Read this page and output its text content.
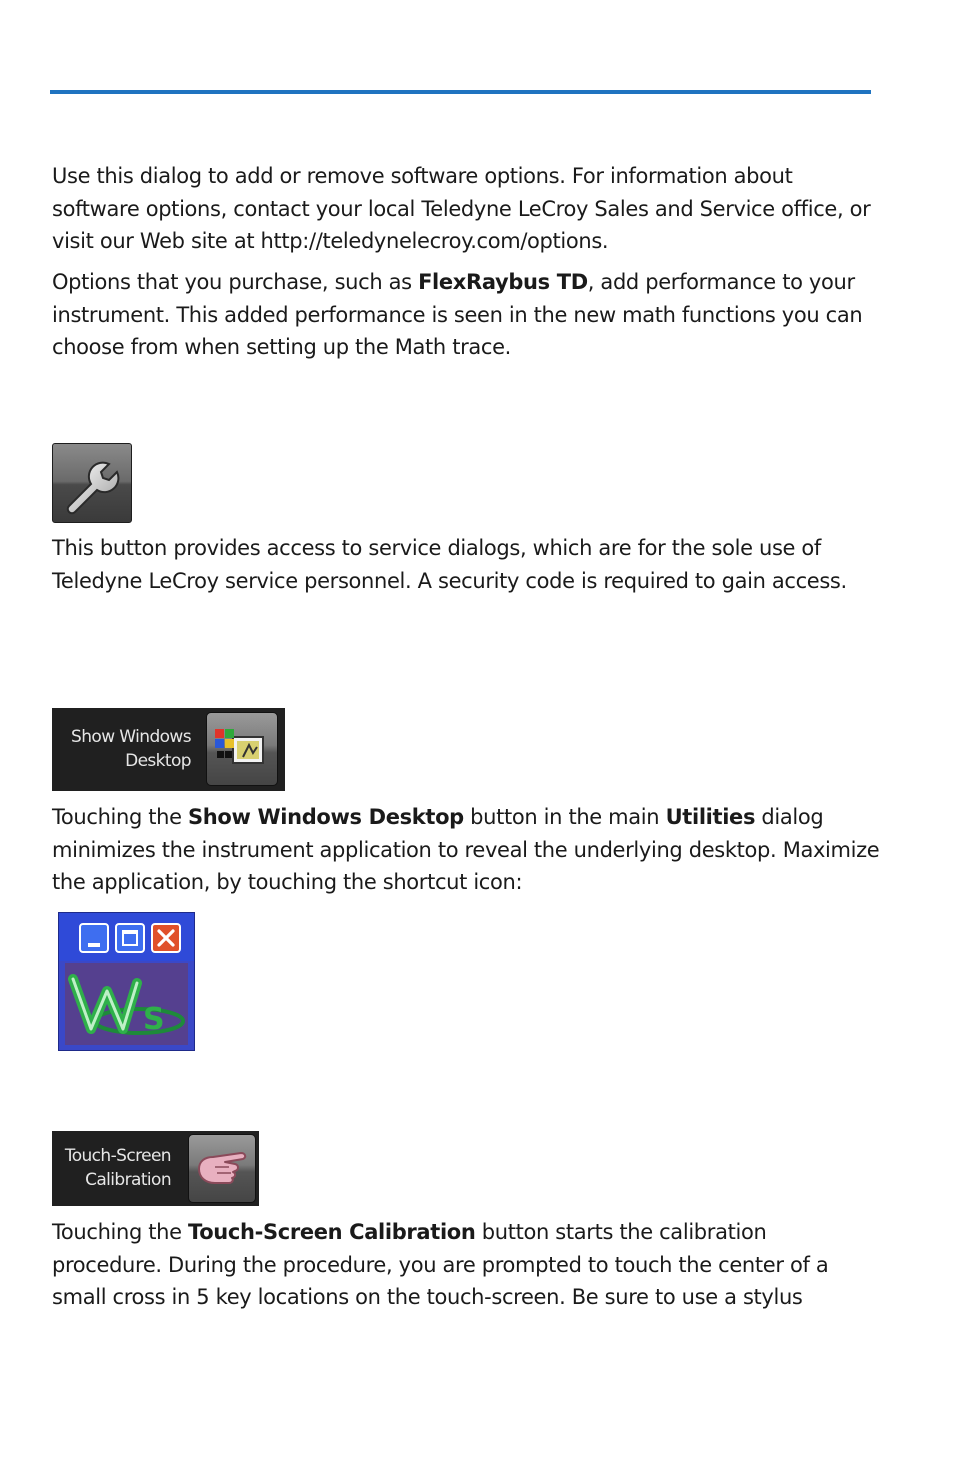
Use this dialog to add or remove software options. For information about software options, contact your local Teledyne LeCroy Sales and Service office, or visit our Web site at http://teledynelecroy.com/options.

Options that you purchase, such as FlexRaybus TD, add performance to your instrument. This added performance is seen in the new math functions you can choose from when setting up the Math trace.

This button provides access to service dialogs, which are for the sole use of Teledyne LeCroy service personnel. A security code is required to gain access.

Show Windows
Desktop

Touching the Show Windows Desktop button in the main Utilities dialog minimizes the instrument application to reveal the underlying desktop. Maximize the application, by touching the shortcut icon:

S
Touch-Screen
Calibration

Touching the Touch-Screen Calibration button starts the calibration procedure. During the procedure, you are prompted to touch the center of a small cross in 5 key locations on the touch-screen. Be sure to use a stylus
